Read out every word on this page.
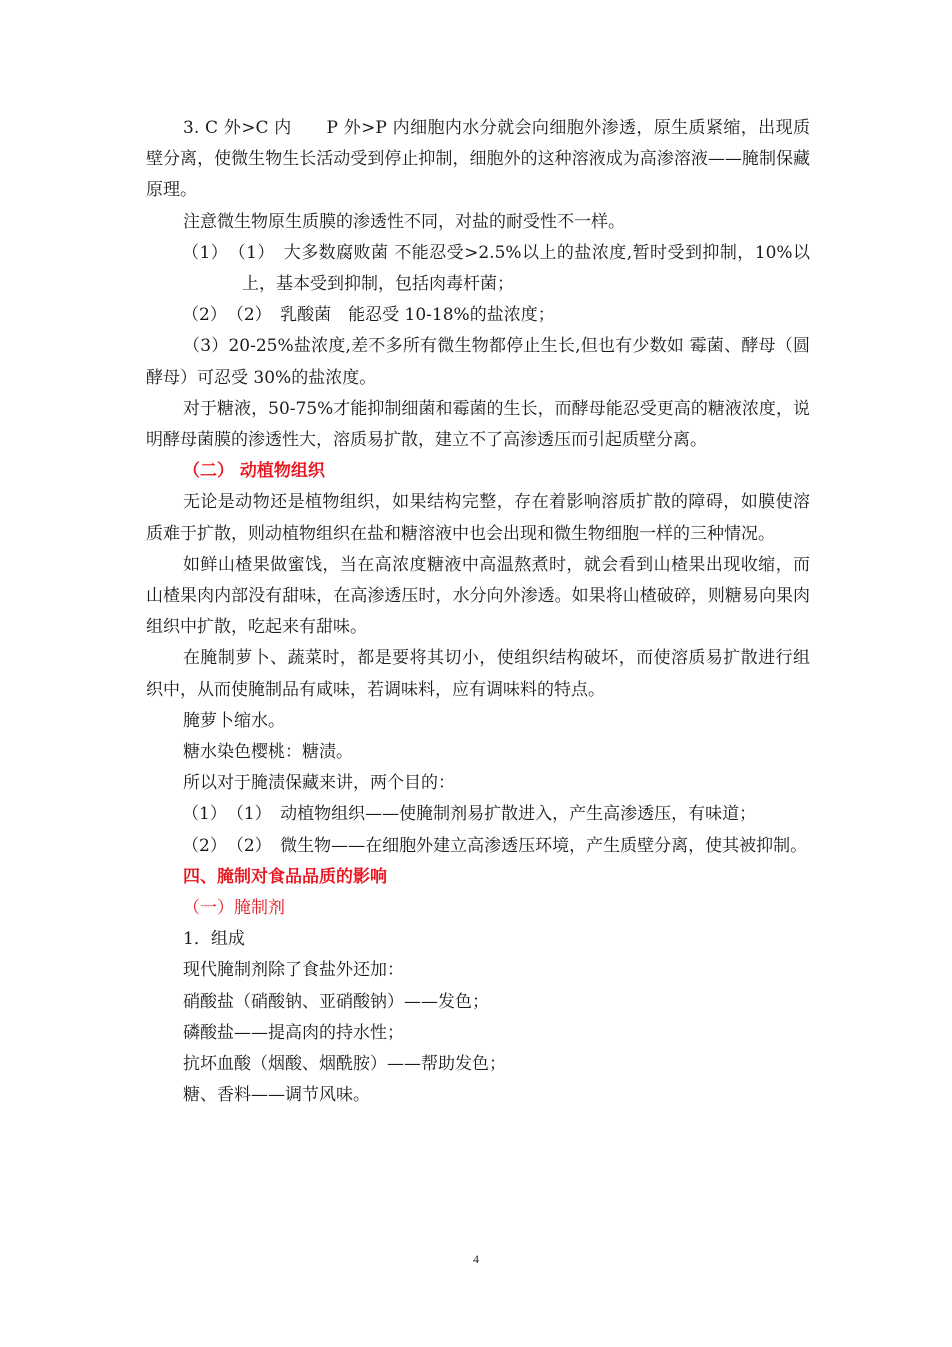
3. C 外>C 内　　P 外>P 内细胞内水分就会向细胞外渗透，原生质紧缩，出现质壁分离，使微生物生长活动受到停止抑制，细胞外的这种溶液成为高渗溶液——腌制保藏原理。
注意微生物原生质膜的渗透性不同，对盐的耐受性不一样。
（1）　（1）　大多数腐败菌 不能忍受>2.5%以上的盐浓度,暂时受到抑制，10%以上，基本受到抑制，包括肉毒杆菌；
（2）　（2）　乳酸菌　能忍受 10-18%的盐浓度；
（3）20-25%盐浓度,差不多所有微生物都停止生长,但也有少数如 霉菌、酵母（圆酵母）可忍受 30%的盐浓度。
对于糖液，50-75%才能抑制细菌和霉菌的生长，而酵母能忍受更高的糖液浓度，说明酵母菌膜的渗透性大，溶质易扩散，建立不了高渗透压而引起质壁分离。
（二） 动植物组织
无论是动物还是植物组织，如果结构完整，存在着影响溶质扩散的障碍，如膜使溶质难于扩散，则动植物组织在盐和糖溶液中也会出现和微生物细胞一样的三种情况。
如鲜山楂果做蜜饯，当在高浓度糖液中高温熬煮时，就会看到山楂果出现收缩，而山楂果肉内部没有甜味，在高渗透压时，水分向外渗透。如果将山楂破碎，则糖易向果肉组织中扩散，吃起来有甜味。
在腌制萝卜、蔬菜时，都是要将其切小，使组织结构破坏，而使溶质易扩散进行组织中，从而使腌制品有咸味，若调味料，应有调味料的特点。
腌萝卜缩水。
糖水染色樱桃：糖渍。
所以对于腌渍保藏来讲，两个目的：
（1）　（1）　动植物组织——使腌制剂易扩散进入，产生高渗透压，有味道；
（2）　（2）　微生物——在细胞外建立高渗透压环境，产生质壁分离，使其被抑制。
四、腌制对食品品质的影响
（一）腌制剂
1．组成
现代腌制剂除了食盐外还加：
硝酸盐（硝酸钠、亚硝酸钠）——发色；
磷酸盐——提高肉的持水性；
抗坏血酸（烟酸、烟酰胺）——帮助发色；
糖、香料——调节风味。
4
